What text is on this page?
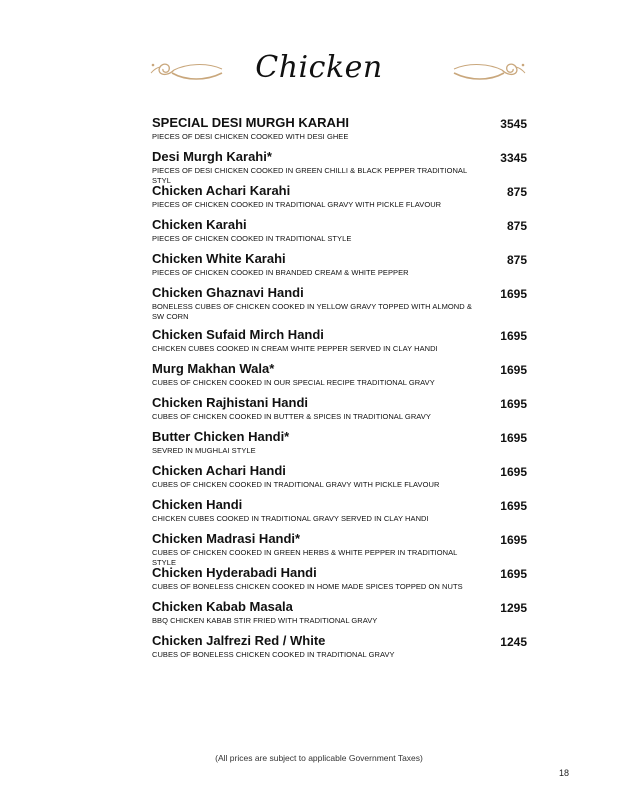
Chicken
SPECIAL DESI MURGH KARAHI
PIECES OF DESI CHICKEN COOKED WITH DESI GHEE
3545
Desi Murgh Karahi*
PIECES OF DESI CHICKEN COOKED IN GREEN CHILLI & BLACK PEPPER TRADITIONAL STYL
3345
Chicken Achari Karahi
PIECES OF CHICKEN COOKED IN TRADITIONAL GRAVY WITH PICKLE FLAVOUR
875
Chicken Karahi
PIECES OF CHICKEN COOKED IN TRADITIONAL STYLE
875
Chicken White Karahi
PIECES OF CHICKEN COOKED IN BRANDED CREAM & WHITE PEPPER
875
Chicken Ghaznavi Handi
BONELESS CUBES OF CHICKEN COOKED IN YELLOW GRAVY TOPPED WITH ALMOND & SW CORN
1695
Chicken Sufaid Mirch Handi
CHICKEN CUBES COOKED IN CREAM WHITE PEPPER SERVED IN CLAY HANDI
1695
Murg Makhan Wala*
CUBES OF CHICKEN COOKED IN OUR SPECIAL RECIPE TRADITIONAL GRAVY
1695
Chicken Rajhistani Handi
CUBES OF CHICKEN COOKED IN BUTTER & SPICES IN TRADITIONAL GRAVY
1695
Butter Chicken Handi*
SEVRED IN MUGHLAI STYLE
1695
Chicken Achari Handi
CUBES OF CHICKEN COOKED IN TRADITIONAL GRAVY WITH PICKLE FLAVOUR
1695
Chicken Handi
CHICKEN CUBES COOKED IN TRADITIONAL GRAVY SERVED IN CLAY HANDI
1695
Chicken Madrasi Handi*
CUBES OF CHICKEN COOKED IN GREEN HERBS & WHITE PEPPER IN TRADITIONAL STYLE
1695
Chicken Hyderabadi Handi
CUBES OF BONELESS CHICKEN COOKED IN HOME MADE SPICES TOPPED ON NUTS
1695
Chicken Kabab Masala
BBQ CHICKEN KABAB STIR FRIED WITH TRADITIONAL GRAVY
1295
Chicken Jalfrezi Red / White
CUBES OF BONELESS CHICKEN COOKED IN TRADITIONAL GRAVY
1245
(All prices are subject to applicable Government Taxes)
18
